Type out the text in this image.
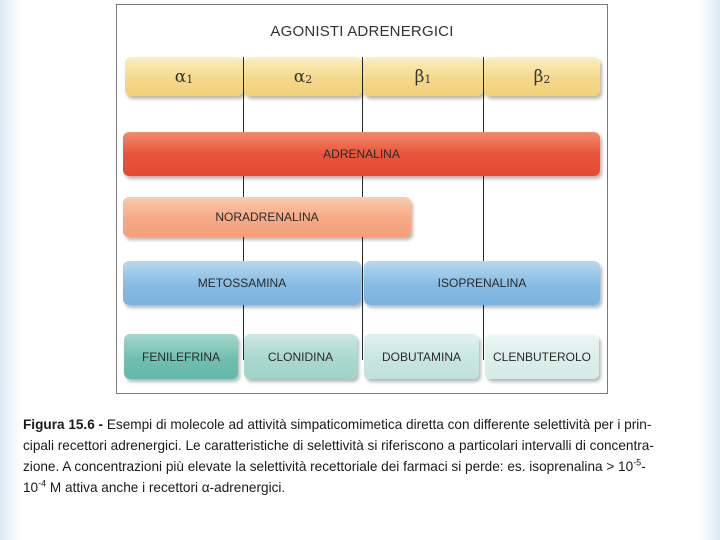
AGONISTI ADRENERGICI
$\alpha_1$	$\alpha_2$	$\beta_1$	$\beta_2$
ADRENALINA
NORADRENALINA
METOSSAMINA	ISOPRENALINA
FENILEFRINA	CLONIDINA	DOBUTAMINA	CLENBUTEROLO
Figura 15.6 - Esempi di molecole ad attività simpaticomimetica diretta con differente selettività per i prin-
cipali recettori adrenergici. Le caratteristiche di selettività si riferiscono a particolari intervalli di concentra-
zione. A concentrazioni più elevate la selettività recettoriale dei farmaci si perde: es. isoprenalina > $10^{-5}-$
$10^{-4}$ M attiva anche i recettori α-adrenergici.
